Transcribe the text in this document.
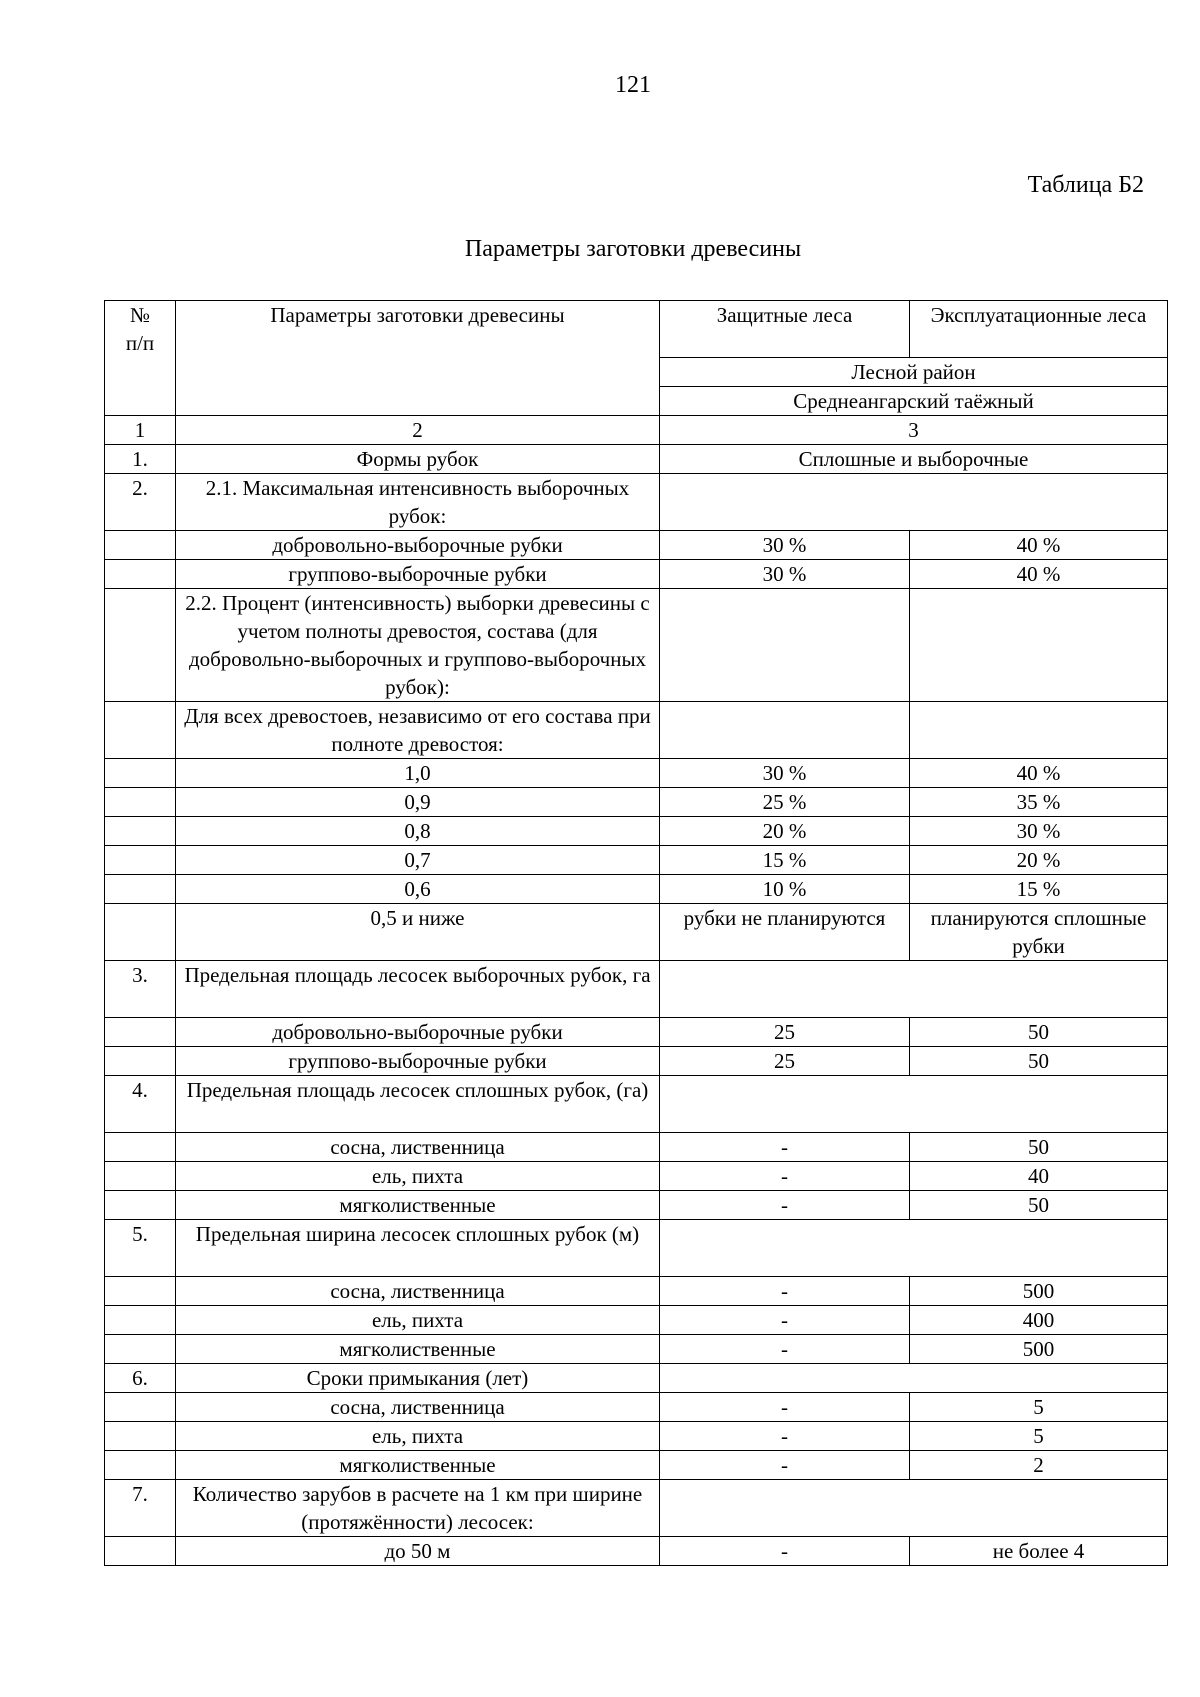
121
Таблица Б2
Параметры заготовки древесины
№
п/п	Параметры заготовки древесины	Защитные леса	Эксплуатационные леса
		Лесной район	
		Среднеангарский таёжный	
1	2	3	
1.	Формы рубок	Сплошные и выборочные	
2.	2.1. Максимальная интенсивность выборочных рубок:		
	добровольно-выборочные рубки	30 %	40 %
	группово-выборочные рубки	30 %	40 %
	2.2. Процент (интенсивность) выборки древесины с учетом полноты древостоя, состава (для добровольно-выборочных и группово-выборочных рубок):		
	Для всех древостоев, независимо от его состава при полноте древостоя:		
	1,0	30 %	40 %
	0,9	25 %	35 %
	0,8	20 %	30 %
	0,7	15 %	20 %
	0,6	10 %	15 %
	0,5 и ниже	рубки не планируются	планируются сплошные рубки
3.	Предельная площадь лесосек выборочных рубок, га		
	добровольно-выборочные рубки	25	50
	группово-выборочные рубки	25	50
4.	Предельная площадь лесосек сплошных рубок, (га)		
	сосна, лиственница	-	50
	ель, пихта	-	40
	мягколиственные	-	50
5.	Предельная ширина лесосек сплошных рубок (м)		
	сосна, лиственница	-	500
	ель, пихта	-	400
	мягколиственные	-	500
6.	Сроки примыкания (лет)		
	сосна, лиственница	-	5
	ель, пихта	-	5
	мягколиственные	-	2
7.	Количество зарубов в расчете на 1 км при ширине (протяжённости) лесосек:		
	до 50 м	-	не более 4
